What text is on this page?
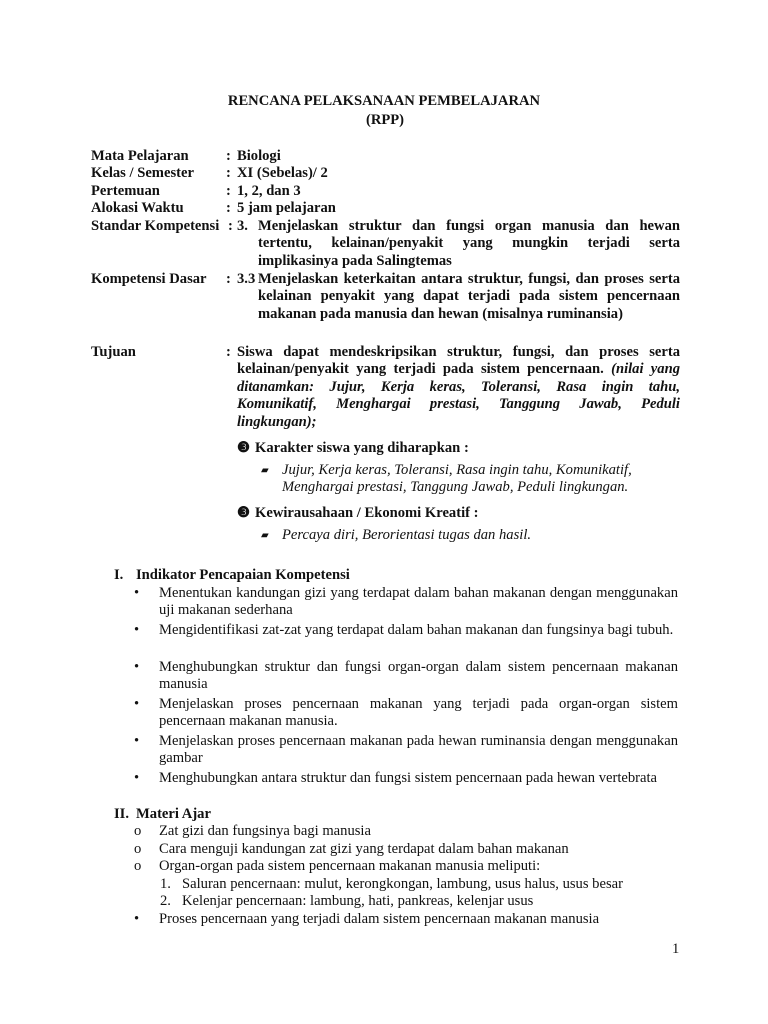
RENCANA PELAKSANAAN PEMBELAJARAN
(RPP)
Mata Pelajaran	: Biologi
Kelas / Semester : XI (Sebelas)/ 2
Pertemuan	: 1, 2, dan 3
Alokasi Waktu	: 5 jam pelajaran
Standar Kompetensi : 3. Menjelaskan struktur dan fungsi organ manusia dan hewan tertentu, kelainan/penyakit yang mungkin terjadi serta implikasinya pada Salingtemas
Kompetensi Dasar : 3.3 Menjelaskan keterkaitan antara struktur, fungsi, dan proses serta kelainan penyakit yang dapat terjadi pada sistem pencernaan makanan pada manusia dan hewan (misalnya ruminansia)
Tujuan	: Siswa dapat mendeskripsikan struktur, fungsi, dan proses serta kelainan/penyakit yang terjadi pada sistem pencernaan. (nilai yang ditanamkan: Jujur, Kerja keras, Toleransi, Rasa ingin tahu, Komunikatif, Menghargai prestasi, Tanggung Jawab, Peduli lingkungan);
❸ Karakter siswa yang diharapkan :
▰ Jujur, Kerja keras, Toleransi, Rasa ingin tahu, Komunikatif, Menghargai prestasi, Tanggung Jawab, Peduli lingkungan.
❸ Kewirausahaan / Ekonomi Kreatif :
▰ Percaya diri, Berorientasi tugas dan hasil.
I. Indikator Pencapaian Kompetensi
• Menentukan kandungan gizi yang terdapat dalam bahan makanan dengan menggunakan uji makanan sederhana
• Mengidentifikasi zat-zat yang terdapat dalam bahan makanan dan fungsinya bagi tubuh.
• Menghubungkan struktur dan fungsi organ-organ dalam sistem pencernaan makanan manusia
• Menjelaskan proses pencernaan makanan yang terjadi pada organ-organ sistem pencernaan makanan manusia.
• Menjelaskan proses pencernaan makanan pada hewan ruminansia dengan menggunakan gambar
• Menghubungkan antara struktur dan fungsi sistem pencernaan pada hewan vertebrata
II. Materi Ajar
o Zat gizi dan fungsinya bagi manusia
o Cara menguji kandungan zat gizi yang terdapat dalam bahan makanan
o Organ-organ pada sistem pencernaan makanan manusia meliputi:
1. Saluran pencernaan: mulut, kerongkongan, lambung, usus halus, usus besar
2. Kelenjar pencernaan: lambung, hati, pankreas, kelenjar usus
• Proses pencernaan yang terjadi dalam sistem pencernaan makanan manusia
1
